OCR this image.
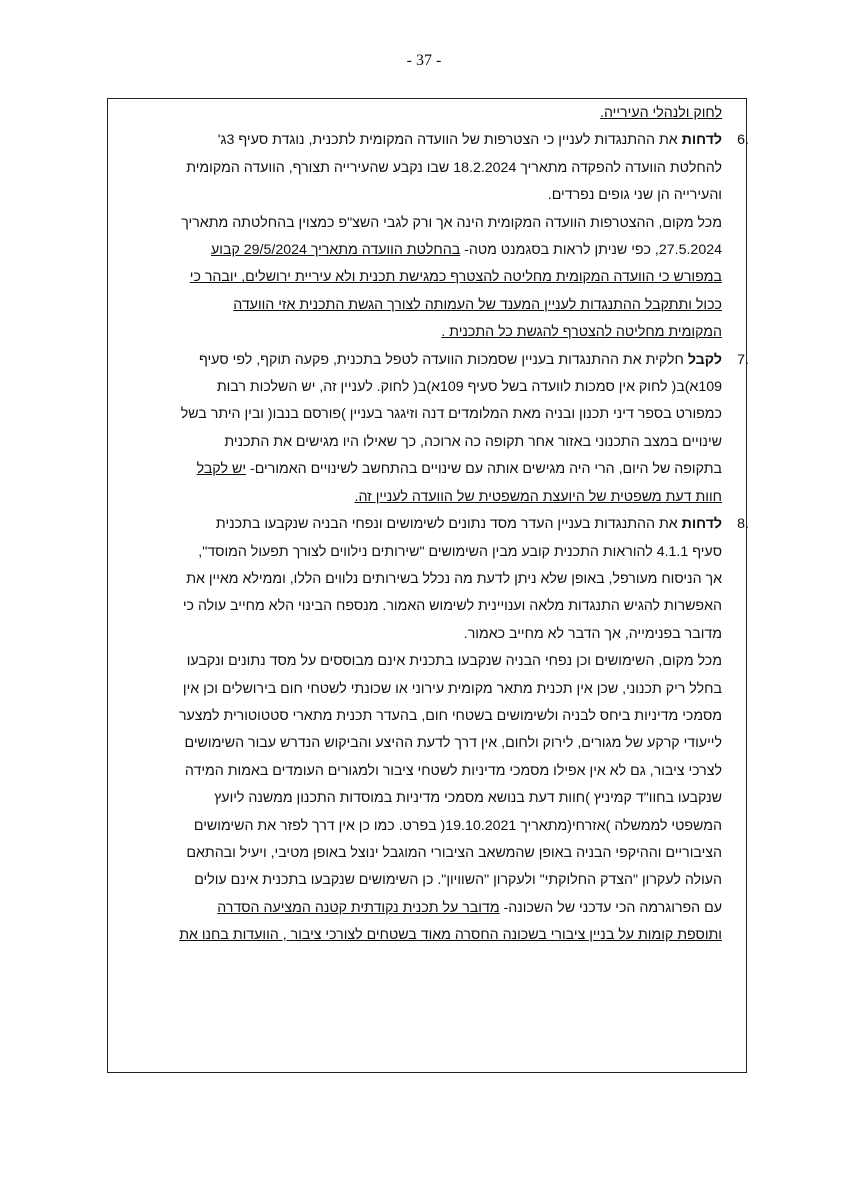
- 37 -
לחוק ולנהלי העירייה.
6.
לדחות את ההתנגדות לעניין כי הצטרפות של הוועדה המקומית לתכנית, נוגדת סעיף 3ג'
להחלטת הוועדה להפקדה מתאריך 18.2.2024 שבו נקבע שהעירייה תצורף, הוועדה המקומית
והעירייה הן שני גופים נפרדים.
מכל מקום, ההצטרפות הוועדה המקומית הינה אך ורק לגבי השצ"פ כמצוין בהחלטתה מתאריך
27.5.2024, כפי שניתן לראות בסגמנט מטה- בהחלטת הוועדה מתאריך 29/5/2024 קבוע
במפורש כי הוועדה המקומית מחליטה להצטרף כמגישת תכנית ולא עיריית ירושלים, יובהר כי
ככול ותתקבל ההתנגדות לעניין המענד של העמותה לצורך הגשת התכנית אזי הוועדה
המקומית מחליטה להצטרף להגשת כל התכנית .
7.
לקבל חלקית את ההתנגדות בעניין שסמכות הוועדה לטפל בתכנית, פקעה תוקף, לפי סעיף
109א)ב( לחוק אין סמכות לוועדה בשל סעיף 109א)ב( לחוק. לעניין זה, יש השלכות רבות
כמפורט בספר דיני תכנון ובניה מאת המלומדים דנה וזיגגר בעניין )פורסם בנבו( ובין היתר בשל
שינויים במצב התכנוני באזור אחר תקופה כה ארוכה, כך שאילו היו מגישים את התכנית
בתקופה של היום, הרי היה מגישים אותה עם שינויים בהתחשב לשינויים האמורים- יש לקבל
חוות דעת משפטית של היועצת המשפטית של הוועדה לעניין זה.
8.
לדחות את ההתנגדות בעניין העדר מסד נתונים לשימושים ונפחי הבניה שנקבעו בתכנית
סעיף 4.1.1 להוראות התכנית קובע מבין השימושים "שירותים נילווים לצורך תפעול המוסד",
אך הניסוח מעורפל, באופן שלא ניתן לדעת מה נכלל בשירותים נלווים הללו, וממילא מאיין את
האפשרות להגיש התנגדות מלאה וענויינית לשימוש האמור. מנספח הבינוי הלא מחייב עולה כי
מדובר בפנימייה, אך הדבר לא מחייב כאמור.
מכל מקום, השימושים וכן נפחי הבניה שנקבעו בתכנית אינם מבוססים על מסד נתונים ונקבעו
בחלל ריק תכנוני, שכן אין תכנית מתאר מקומית עירוני או שכונתי לשטחי חום בירושלים וכן אין
מסמכי מדיניות ביחס לבניה ולשימושים בשטחי חום, בהעדר תכנית מתארי סטטוטורית למצער
לייעודי קרקע של מגורים, לירוק ולחום, אין דרך לדעת ההיצע והביקוש הנדרש עבור השימושים
לצרכי ציבור, גם לא אין אפילו מסמכי מדיניות לשטחי ציבור ולמגורים העומדים באמות המידה
שנקבעו בחוו"ד קמיניץ )חוות דעת בנושא מסמכי מדיניות במוסדות התכנון ממשנה ליועץ
המשפטי לממשלה )אזרחי(מתאריך 19.10.2021( בפרט. כמו כן אין דרך לפזר את השימושים
הציבוריים וההיקפי הבניה באופן שהמשאב הציבורי המוגבל ינוצל באופן מטיבי, ויעיל ובהתאם
העולה לעקרון "הצדק החלוקתי" ולעקרון "השוויון". כן השימושים שנקבעו בתכנית אינם עולים
עם הפרוגרמה הכי עדכני של השכונה- מדובר על תכנית נקודתית קטנה המציעה הסדרה
ותוספת קומות על בניין ציבורי בשכונה החסרה מאוד בשטחים לצורכי ציבור , הוועדות בחנו את
